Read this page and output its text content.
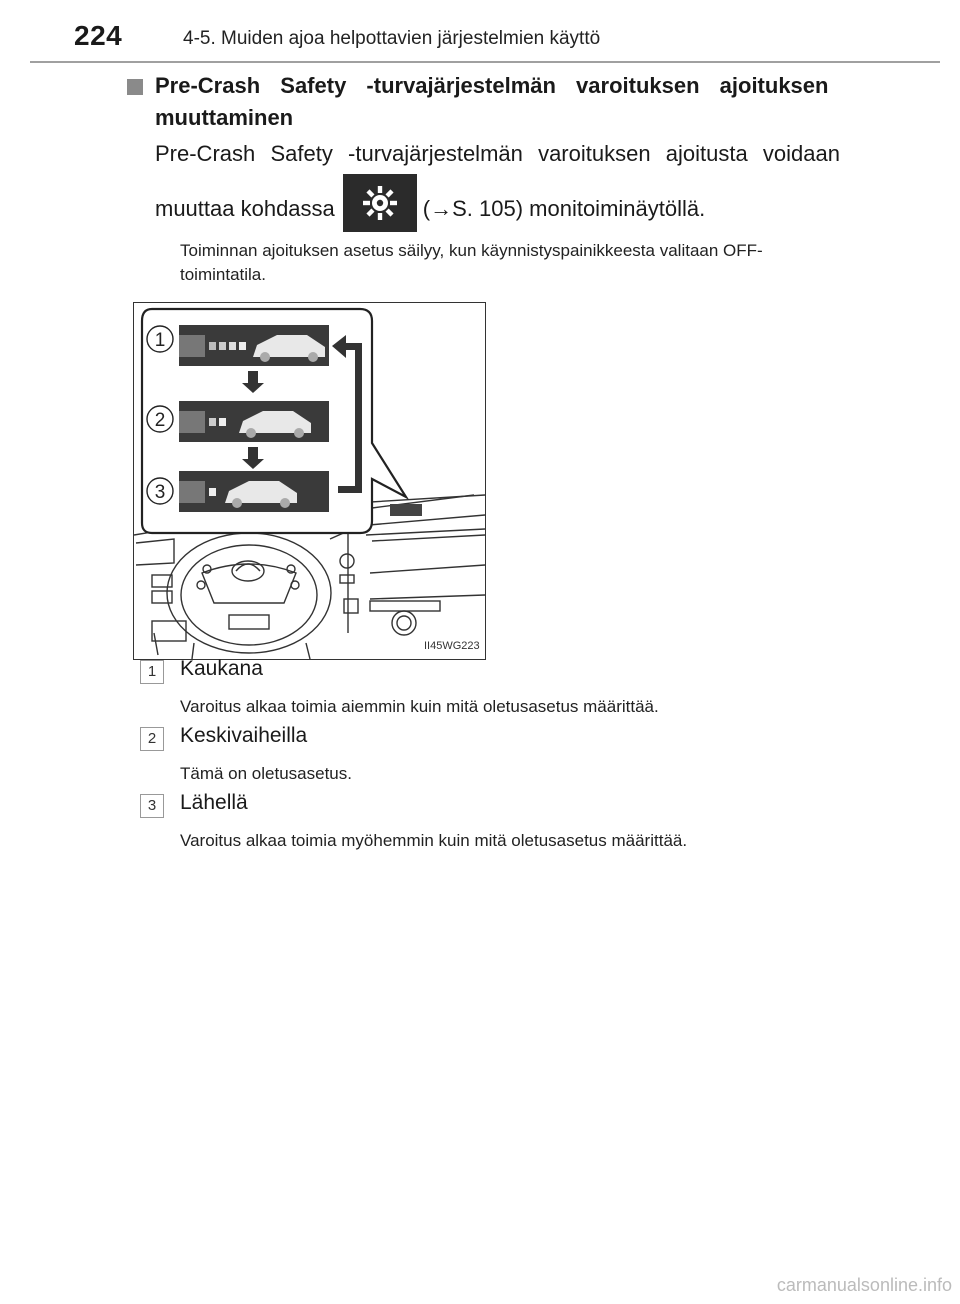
224	4-5. Muiden ajoa helpottavien järjestelmien käyttö
Pre-Crash Safety -turvajärjestelmän varoituksen ajoituksen
muuttaminen
Pre-Crash Safety -turvajärjestelmän varoituksen ajoitusta voidaan
muuttaa kohdassa	(→S. 105) monitoiminäytöllä.
Toiminnan ajoituksen asetus säilyy, kun käynnistyspainikkeesta valitaan OFF-toimintatila.
1
2
3
II45WG223
1	Kaukana
Varoitus alkaa toimia aiemmin kuin mitä oletusasetus määrittää.
2	Keskivaiheilla
Tämä on oletusasetus.
3	Lähellä
Varoitus alkaa toimia myöhemmin kuin mitä oletusasetus määrittää.
carmanualsonline.info
